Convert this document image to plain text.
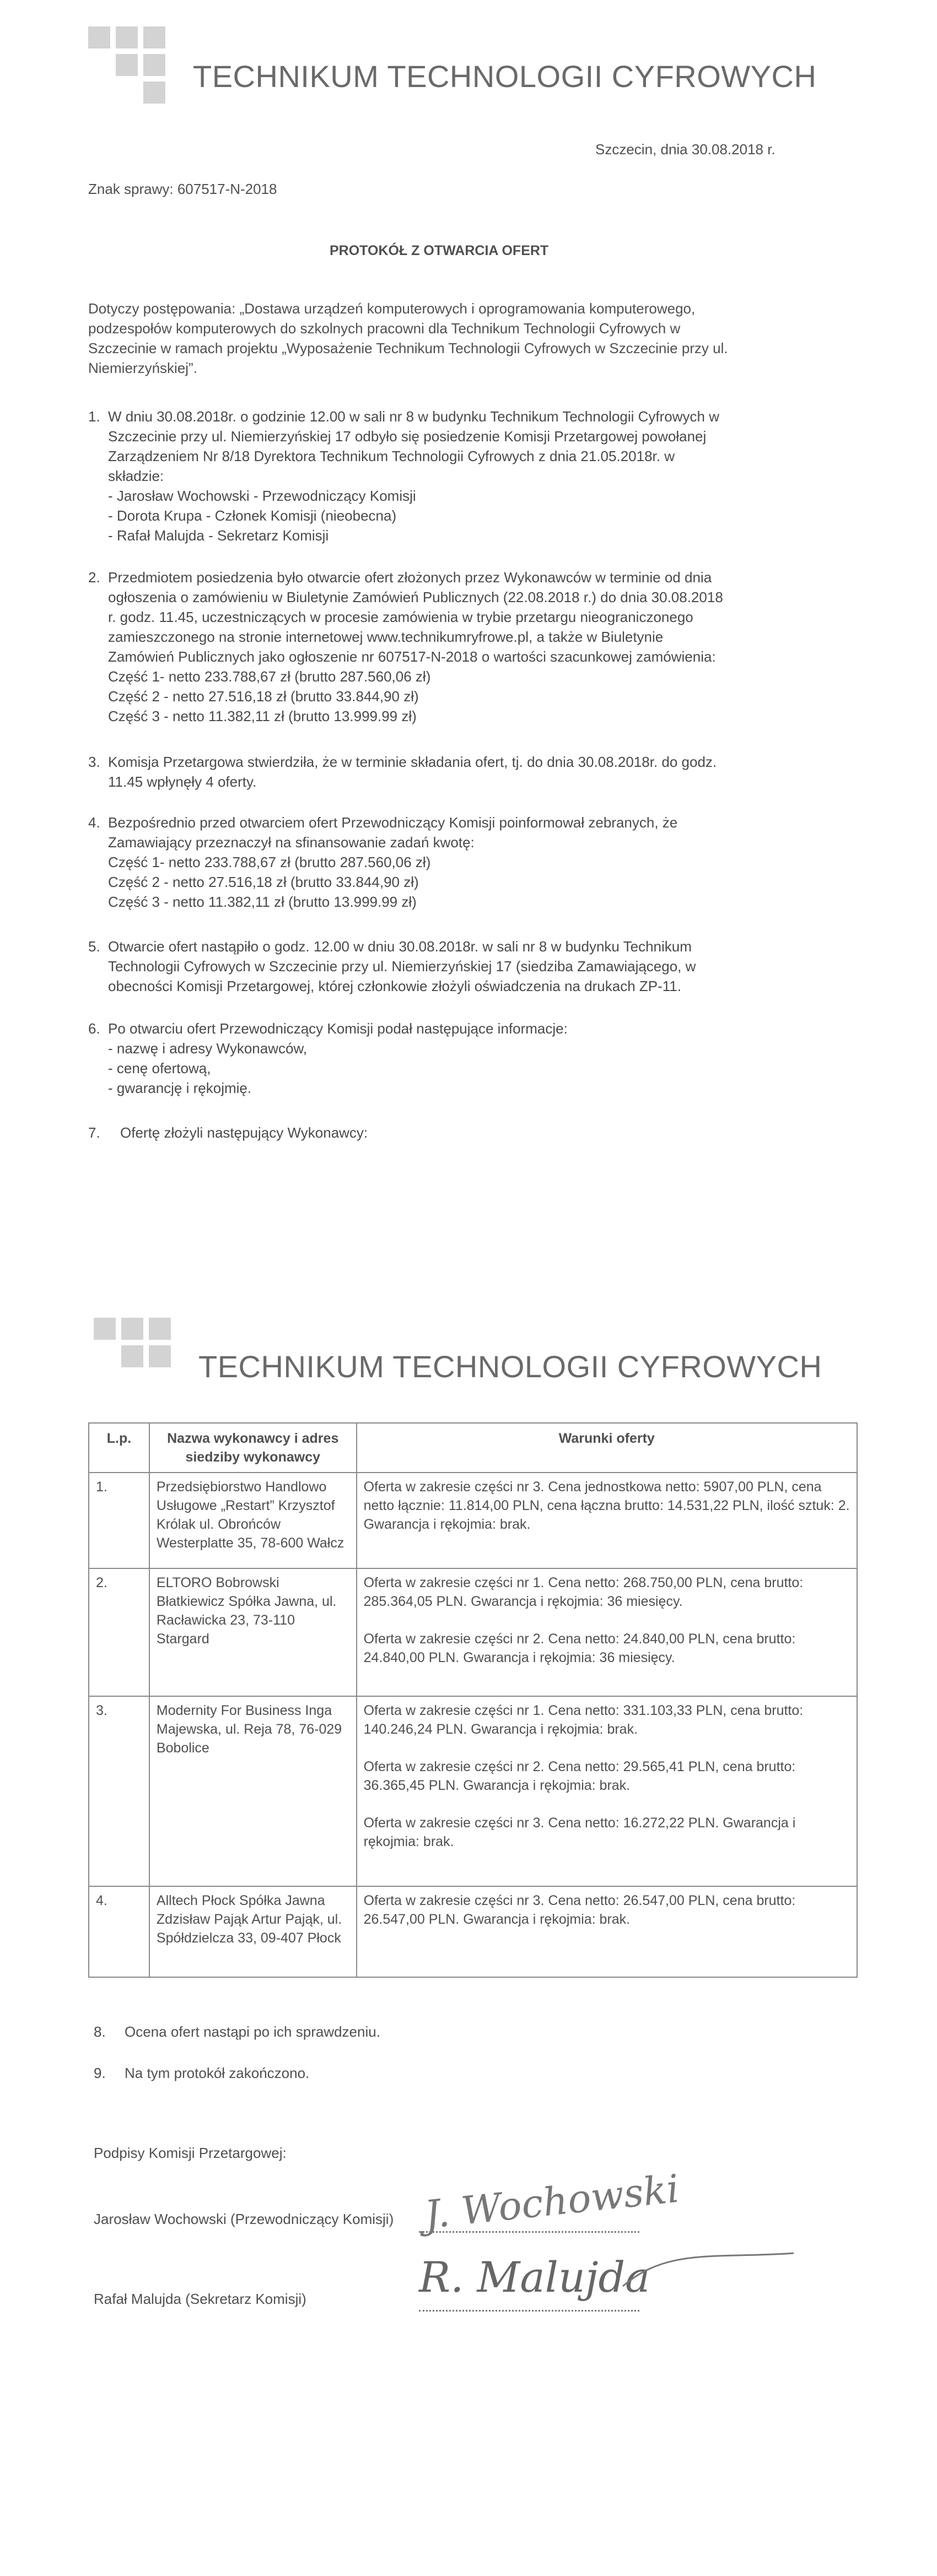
TECHNIKUM TECHNOLOGII CYFROWYCH
Szczecin, dnia 30.08.2018 r.
Znak sprawy: 607517-N-2018
PROTOKÓŁ Z OTWARCIA OFERT
Dotyczy postępowania: „Dostawa urządzeń komputerowych i oprogramowania komputerowego,
podzespołów komputerowych do szkolnych pracowni dla Technikum Technologii Cyfrowych w
Szczecinie w ramach projektu „Wyposażenie Technikum Technologii Cyfrowych w Szczecinie przy ul.
Niemierzyńskiej”.
1. W dniu 30.08.2018r. o godzinie 12.00 w sali nr 8 w budynku Technikum Technologii Cyfrowych w
Szczecinie przy ul. Niemierzyńskiej 17 odbyło się posiedzenie Komisji Przetargowej powołanej
Zarządzeniem Nr 8/18 Dyrektora Technikum Technologii Cyfrowych z dnia 21.05.2018r. w
składzie:
- Jarosław Wochowski - Przewodniczący Komisji
- Dorota Krupa - Członek Komisji (nieobecna)
- Rafał Malujda - Sekretarz Komisji
2. Przedmiotem posiedzenia było otwarcie ofert złożonych przez Wykonawców w terminie od dnia
ogłoszenia o zamówieniu w Biuletynie Zamówień Publicznych (22.08.2018 r.) do dnia 30.08.2018
r. godz. 11.45, uczestniczących w procesie zamówienia w trybie przetargu nieograniczonego
zamieszczonego na stronie internetowej www.technikumryfrowe.pl, a także w Biuletynie
Zamówień Publicznych jako ogłoszenie nr 607517-N-2018 o wartości szacunkowej zamówienia:
Część 1- netto 233.788,67 zł (brutto 287.560,06 zł)
Część 2 - netto 27.516,18 zł (brutto 33.844,90 zł)
Część 3 - netto 11.382,11 zł (brutto 13.999.99 zł)
3. Komisja Przetargowa stwierdziła, że w terminie składania ofert, tj. do dnia 30.08.2018r. do godz.
11.45 wpłynęły 4 oferty.
4. Bezpośrednio przed otwarciem ofert Przewodniczący Komisji poinformował zebranych, że
Zamawiający przeznaczył na sfinansowanie zadań kwotę:
Część 1- netto 233.788,67 zł (brutto 287.560,06 zł)
Część 2 - netto 27.516,18 zł (brutto 33.844,90 zł)
Część 3 - netto 11.382,11 zł (brutto 13.999.99 zł)
5. Otwarcie ofert nastąpiło o godz. 12.00 w dniu 30.08.2018r. w sali nr 8 w budynku Technikum
Technologii Cyfrowych w Szczecinie przy ul. Niemierzyńskiej 17 (siedziba Zamawiającego, w
obecności Komisji Przetargowej, której członkowie złożyli oświadczenia na drukach ZP-11.
6. Po otwarciu ofert Przewodniczący Komisji podał następujące informacje:
- nazwę i adresy Wykonawców,
- cenę ofertową,
- gwarancję i rękojmię.
7. Ofertę złożyli następujący Wykonawcy:
TECHNIKUM TECHNOLOGII CYFROWYCH
L.p.	Nazwa wykonawcy i adres siedziby wykonawcy	Warunki oferty
1.	Przedsiębiorstwo Handlowo Usługowe „Restart” Krzysztof Królak ul. Obrońców Westerplatte 35, 78-600 Wałcz	Oferta w zakresie części nr 3. Cena jednostkowa netto: 5907,00 PLN, cena netto łącznie: 11.814,00 PLN, cena łączna brutto: 14.531,22 PLN, ilość sztuk: 2. Gwarancja i rękojmia: brak.

2.	ELTORO Bobrowski Błatkiewicz Spółka Jawna, ul. Racławicka 23, 73-110 Stargard	Oferta w zakresie części nr 1. Cena netto: 268.750,00 PLN, cena brutto: 285.364,05 PLN. Gwarancja i rękojmia: 36 miesięcy.
Oferta w zakresie części nr 2. Cena netto: 24.840,00 PLN, cena brutto: 24.840,00 PLN. Gwarancja i rękojmia: 36 miesięcy.

3.	Modernity For Business Inga Majewska, ul. Reja 78, 76-029 Bobolice	Oferta w zakresie części nr 1. Cena netto: 331.103,33 PLN, cena brutto: 140.246,24 PLN. Gwarancja i rękojmia: brak.
Oferta w zakresie części nr 2. Cena netto: 29.565,41 PLN, cena brutto: 36.365,45 PLN. Gwarancja i rękojmia: brak.
Oferta w zakresie części nr 3. Cena netto: 16.272,22 PLN. Gwarancja i rękojmia: brak.

4.	Alltech Płock Spółka Jawna Zdzisław Pająk Artur Pająk, ul. Spółdzielcza 33, 09-407 Płock	Oferta w zakresie części nr 3. Cena netto: 26.547,00 PLN, cena brutto: 26.547,00 PLN. Gwarancja i rękojmia: brak.
8. Ocena ofert nastąpi po ich sprawdzeniu.
9. Na tym protokół zakończono.
Podpisy Komisji Przetargowej:
Jarosław Wochowski (Przewodniczący Komisji) J. Wochowski
Rafał Malujda (Sekretarz Komisji)	R. Malujda
